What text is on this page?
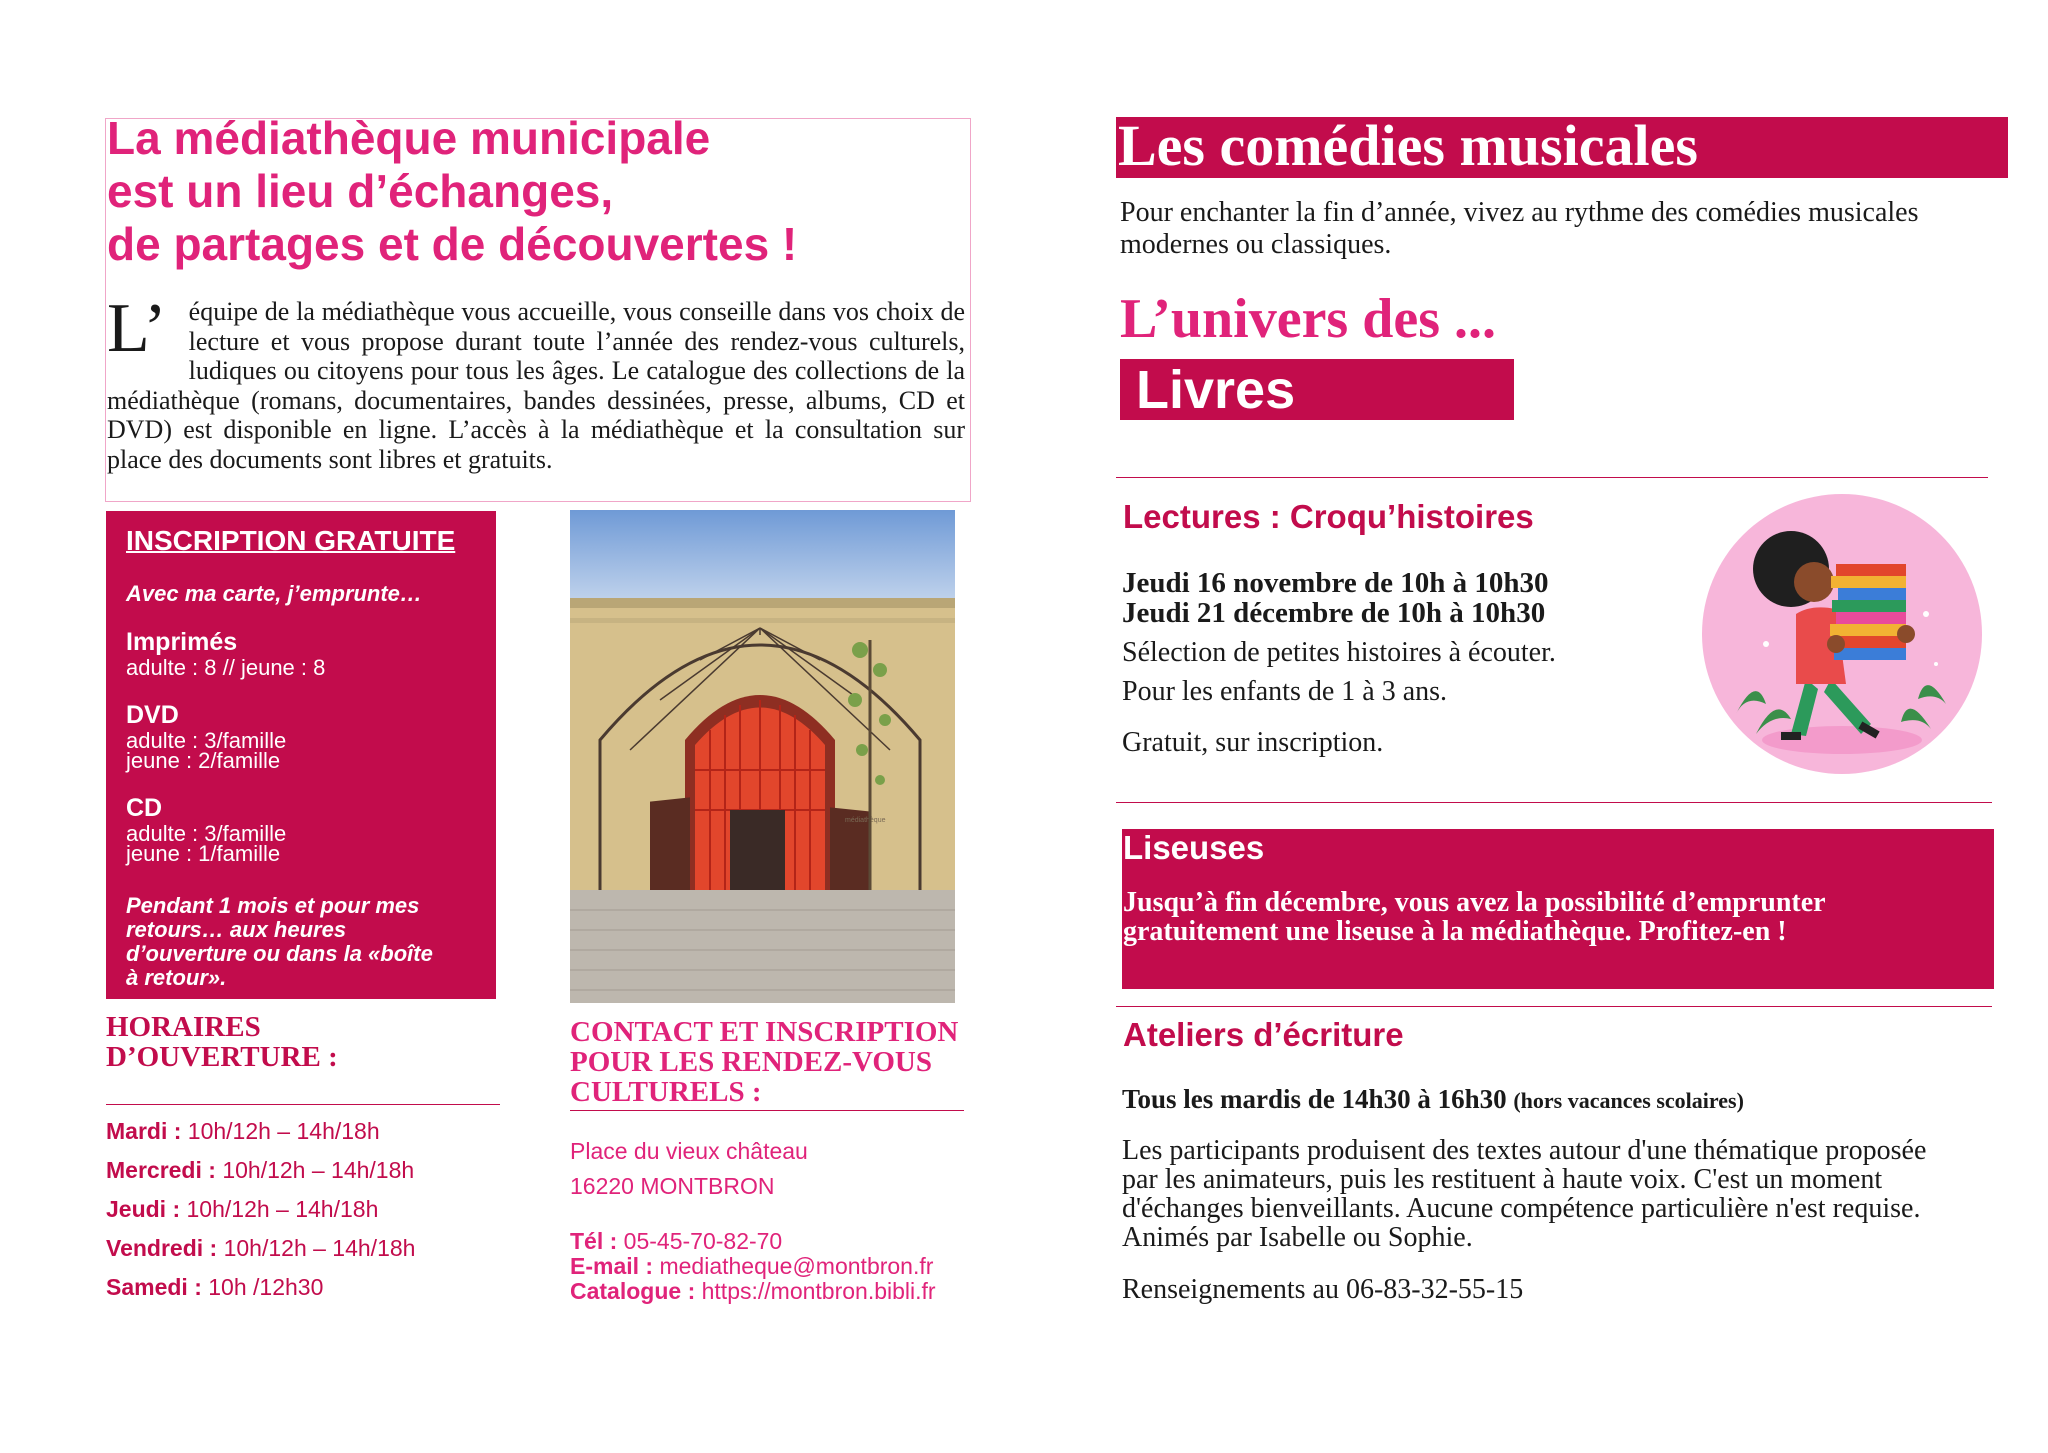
La médiathèque municipale
est un lieu d’échanges,
de partages et de découvertes !
L’ équipe de la médiathèque vous accueille, vous conseille dans vos choix de lecture et vous propose durant toute l’année des rendez-vous culturels, ludiques ou citoyens pour tous les âges. Le catalogue des collections de la médiathèque (romans, documentaires, bandes dessinées, presse, albums, CD et DVD) est disponible en ligne. L’accès à la médiathèque et la consultation sur place des documents sont libres et gratuits.
INSCRIPTION GRATUITE
Avec ma carte, j’emprunte…
Imprimés
adulte : 8 // jeune : 8
DVD
adulte : 3/famille
jeune : 2/famille
CD
adulte : 3/famille
jeune : 1/famille
Pendant 1 mois et pour mes
retours… aux heures
d’ouverture ou dans la «boîte
à retour».
médiathèque
HORAIRES
D’OUVERTURE :
Mardi : 10h/12h – 14h/18h
Mercredi : 10h/12h – 14h/18h
Jeudi : 10h/12h – 14h/18h
Vendredi : 10h/12h – 14h/18h
Samedi : 10h /12h30
CONTACT ET INSCRIPTION
POUR LES RENDEZ-VOUS
CULTURELS :
Place du vieux château
16220 MONTBRON
Tél : 05-45-70-82-70
E-mail : mediatheque@montbron.fr
Catalogue : https://montbron.bibli.fr
Les comédies musicales
Pour enchanter la fin d’année, vivez au rythme des comédies musicales
modernes ou classiques.
L’univers des ...
Livres
Lectures : Croqu’histoires
Jeudi 16 novembre de 10h à 10h30
Jeudi 21 décembre de 10h à 10h30
Sélection de petites histoires à écouter.
Pour les enfants de 1 à 3 ans.
Gratuit, sur inscription.
Liseuses
Jusqu’à fin décembre, vous avez la possibilité d’emprunter
gratuitement une liseuse à la médiathèque. Profitez-en !
Ateliers d’écriture
Tous les mardis de 14h30 à 16h30 (hors vacances scolaires)
Les participants produisent des textes autour d'une thématique proposée
par les animateurs, puis les restituent à haute voix. C'est un moment
d'échanges bienveillants. Aucune compétence particulière n'est requise.
Animés par Isabelle ou Sophie.
Renseignements au 06-83-32-55-15
